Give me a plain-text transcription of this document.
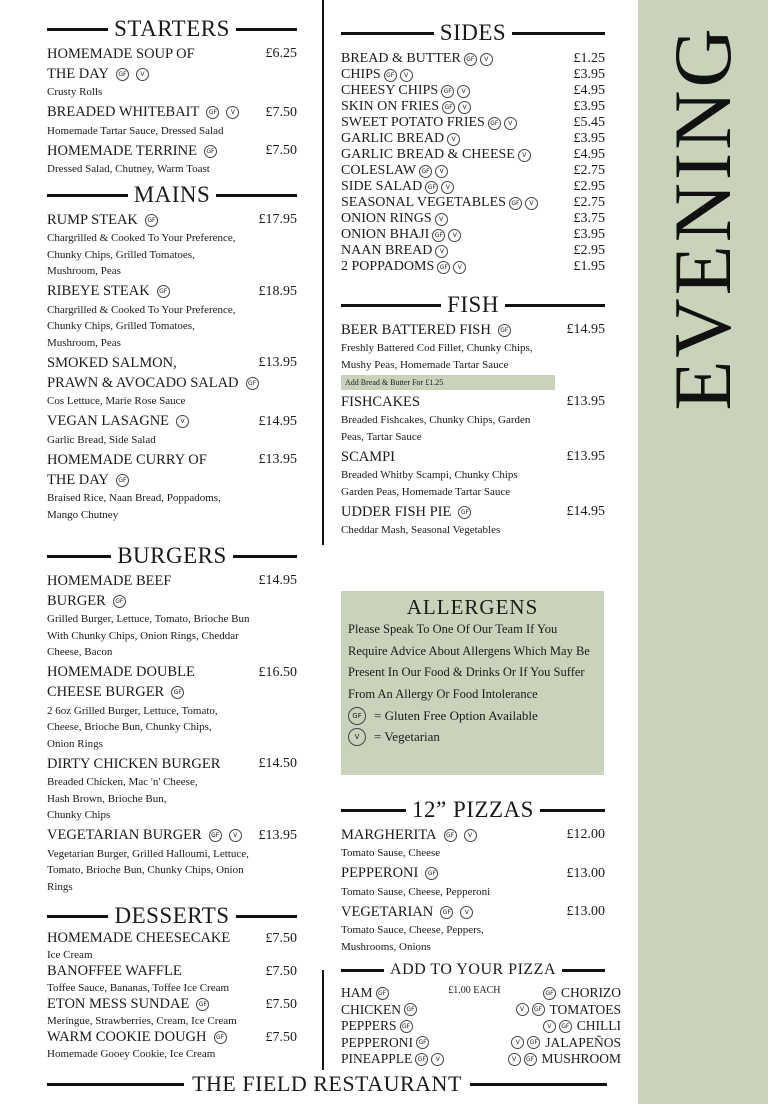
EVENING
STARTERS
HOMEMADE SOUP OF	£6.25
THE DAY	GF	V
Crusty Rolls
BREADED WHITEBAIT	GF	V	£7.50
Homemade Tartar Sauce, Dressed Salad
HOMEMADE TERRINE	GF	£7.50
Dressed Salad, Chutney, Warm Toast
MAINS
RUMP STEAK	GF	£17.95
Chargrilled & Cooked To Your Preference,
Chunky Chips, Grilled Tomatoes,
Mushroom, Peas
RIBEYE STEAK	GF	£18.95
Chargrilled & Cooked To Your Preference,
Chunky Chips, Grilled Tomatoes,
Mushroom, Peas
SMOKED SALMON,	£13.95
PRAWN & AVOCADO SALAD	GF
Cos Lettuce, Marie Rose Sauce
VEGAN LASAGNE	V	£14.95
Garlic Bread, Side Salad
HOMEMADE CURRY OF	£13.95
THE DAY	GF
Braised Rice, Naan Bread, Poppadoms,
Mango Chutney
BURGERS
HOMEMADE BEEF	£14.95
BURGER	GF
Grilled Burger, Lettuce, Tomato, Brioche Bun
With Chunky Chips, Onion Rings, Cheddar
Cheese, Bacon
HOMEMADE DOUBLE	£16.50
CHEESE BURGER	GF
2 6oz Grilled Burger, Lettuce, Tomato,
Cheese, Brioche Bun, Chunky Chips,
Onion Rings
DIRTY CHICKEN BURGER	£14.50
Breaded Chicken, Mac 'n' Cheese,
Hash Brown, Brioche Bun,
Chunky Chips
VEGETARIAN BURGER	GF	V	£13.95
Vegetarian Burger, Grilled Halloumi, Lettuce,
Tomato, Brioche Bun, Chunky Chips, Onion
Rings
DESSERTS
HOMEMADE CHEESECAKE	£7.50
Ice Cream
BANOFFEE WAFFLE	£7.50
Toffee Sauce, Bananas, Toffee Ice Cream
ETON MESS SUNDAE	GF	£7.50
Meringue, Strawberries, Cream, Ice Cream
WARM COOKIE DOUGH	GF	£7.50
Homemade Gooey Cookie, Ice Cream
SIDES
BREAD & BUTTER GF	V	£1.25
CHIPS GF	V	£3.95
CHEESY CHIPS GF	V	£4.95
SKIN ON FRIES GF	V	£3.95
SWEET POTATO FRIES GF	V	£5.45
GARLIC BREAD	V	£3.95
GARLIC BREAD & CHEESE	V	£4.95
COLESLAW GF	V	£2.75
SIDE SALAD GF	V	£2.95
SEASONAL VEGETABLES GF	V	£2.75
ONION RINGS	V	£3.75
ONION BHAJI GF	V	£3.95
NAAN BREAD	V	£2.95
2 POPPADOMS GF	V	£1.95
FISH
BEER BATTERED FISH	GF	£14.95
Freshly Battered Cod Fillet, Chunky Chips,
Mushy Peas, Homemade Tartar Sauce
Add Bread & Butter For £1.25
FISHCAKES	£13.95
Breaded Fishcakes, Chunky Chips, Garden
Peas, Tartar Sauce
SCAMPI	£13.95
Breaded Whitby Scampi, Chunky Chips
Garden Peas, Homemade Tartar Sauce
UDDER FISH PIE	GF	£14.95
Cheddar Mash, Seasonal Vegetables
ALLERGENS

Please Speak To One Of Our Team If You Require Advice About Allergens Which May Be Present In Our Food & Drinks Or If You Suffer From An Allergy Or Food Intolerance

GF = Gluten Free Option Available
V	= Vegetarian
12” PIZZAS
MARGHERITA	GF	V	£12.00
Tomato Sause, Cheese
PEPPERONI	GF	£13.00
Tomato Sause, Cheese, Pepperoni
VEGETARIAN	GF	V	£13.00
Tomato Sauce, Cheese, Peppers,
Mushrooms, Onions
ADD TO YOUR PIZZA
HAM GF	£1.00 EACH	GF CHORIZO
CHICKEN GF	V	GF TOMATOES
PEPPERS GF	V	GF CHILLI
PEPPERONI GF	V	GF JALAPEÑOS
PINEAPPLE GF	V	V	GF MUSHROOM
THE FIELD RESTAURANT
